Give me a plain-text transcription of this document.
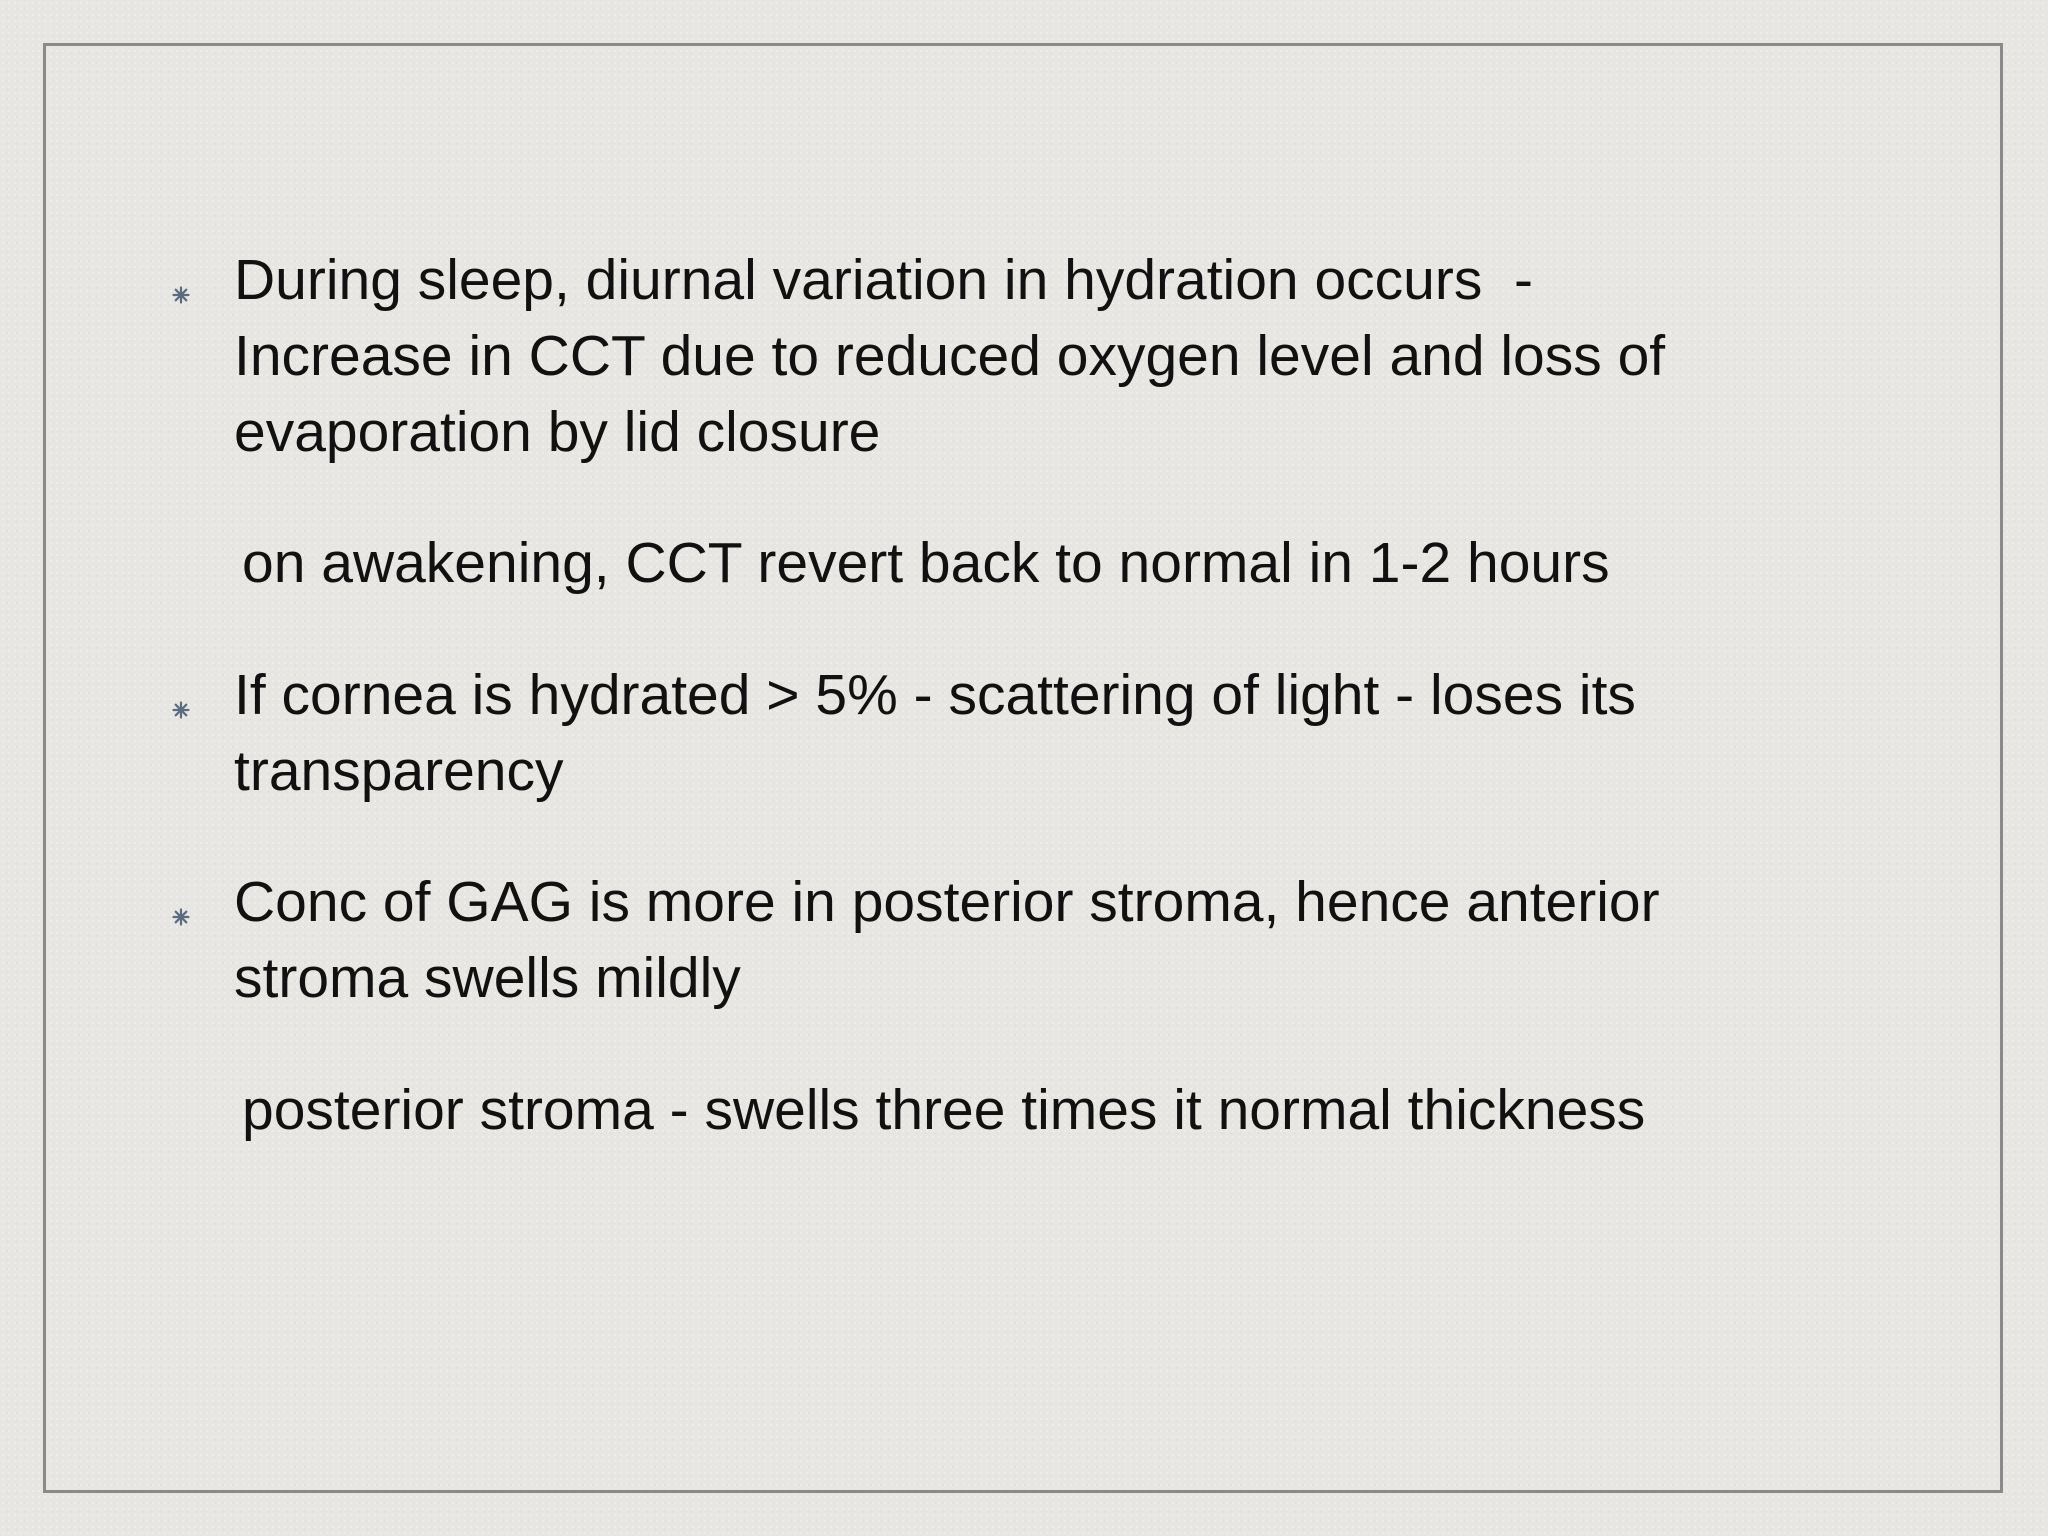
During sleep, diurnal variation in hydration occurs  -
Increase in CCT due to reduced oxygen level and loss of
evaporation by lid closure
on awakening, CCT revert back to normal in 1-2 hours
If cornea is hydrated > 5% - scattering of light - loses its
transparency
Conc of GAG is more in posterior stroma, hence anterior
stroma swells mildly
posterior stroma - swells three times it normal thickness
